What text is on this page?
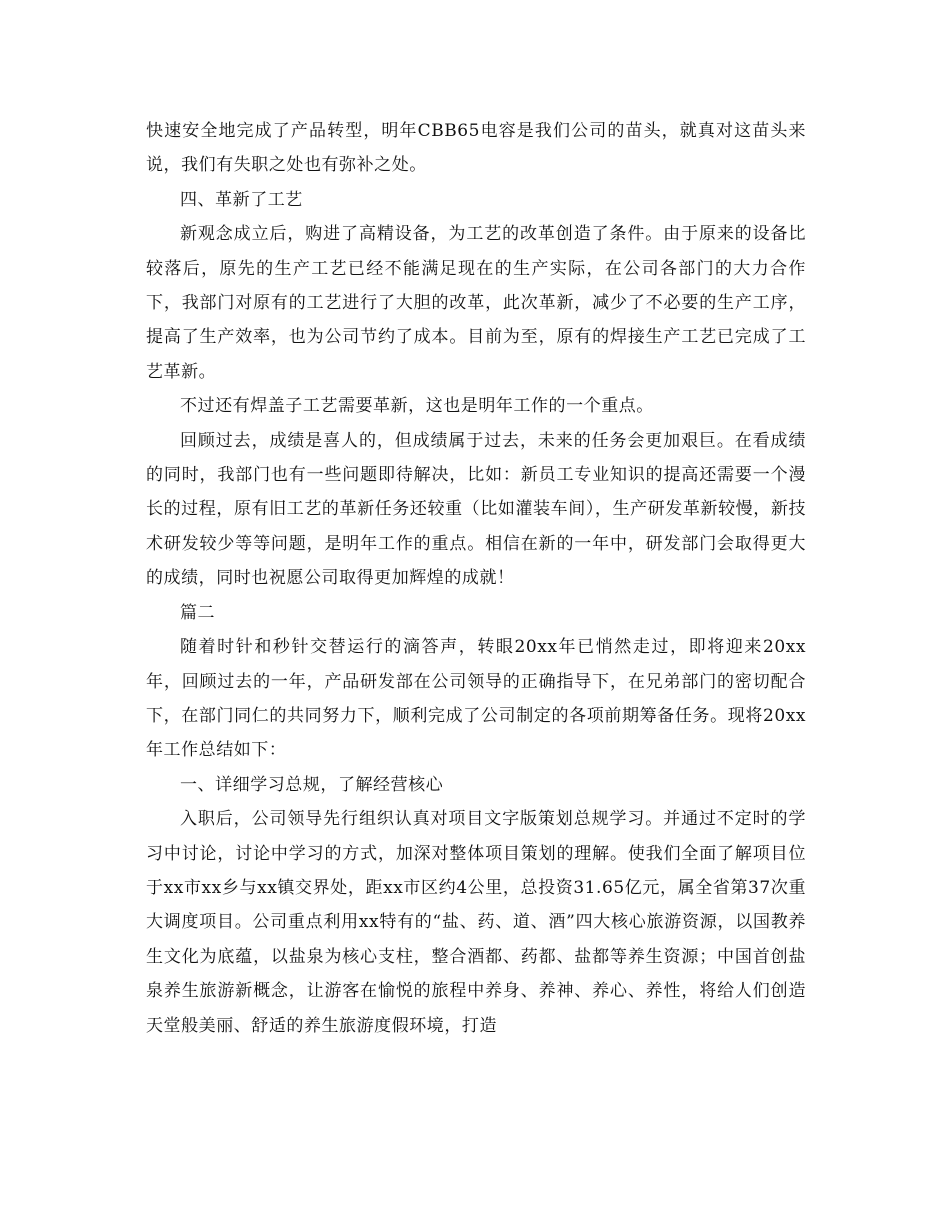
快速安全地完成了产品转型，明年CBB65电容是我们公司的苗头，就真对这苗头来说，我们有失职之处也有弥补之处。

四、革新了工艺

新观念成立后，购进了高精设备，为工艺的改革创造了条件。由于原来的设备比较落后，原先的生产工艺已经不能满足现在的生产实际，在公司各部门的大力合作下，我部门对原有的工艺进行了大胆的改革，此次革新，减少了不必要的生产工序，提高了生产效率，也为公司节约了成本。目前为至，原有的焊接生产工艺已完成了工艺革新。

不过还有焊盖子工艺需要革新，这也是明年工作的一个重点。

回顾过去，成绩是喜人的，但成绩属于过去，未来的任务会更加艰巨。在看成绩的同时，我部门也有一些问题即待解决，比如：新员工专业知识的提高还需要一个漫长的过程，原有旧工艺的革新任务还较重（比如灌装车间），生产研发革新较慢，新技术研发较少等等问题，是明年工作的重点。相信在新的一年中，研发部门会取得更大的成绩，同时也祝愿公司取得更加辉煌的成就！

篇二

随着时针和秒针交替运行的滴答声，转眼20xx年已悄然走过，即将迎来20xx年，回顾过去的一年，产品研发部在公司领导的正确指导下，在兄弟部门的密切配合下，在部门同仁的共同努力下，顺利完成了公司制定的各项前期筹备任务。现将20xx年工作总结如下：

一、详细学习总规，了解经营核心

入职后，公司领导先行组织认真对项目文字版策划总规学习。并通过不定时的学习中讨论，讨论中学习的方式，加深对整体项目策划的理解。使我们全面了解项目位于xx市xx乡与xx镇交界处，距xx市区约4公里，总投资31.65亿元，属全省第37次重大调度项目。公司重点利用xx特有的“盐、药、道、酒”四大核心旅游资源，以国教养生文化为底蕴，以盐泉为核心支柱，整合酒都、药都、盐都等养生资源；中国首创盐泉养生旅游新概念，让游客在愉悦的旅程中养身、养神、养心、养性，将给人们创造天堂般美丽、舒适的养生旅游度假环境，打造
